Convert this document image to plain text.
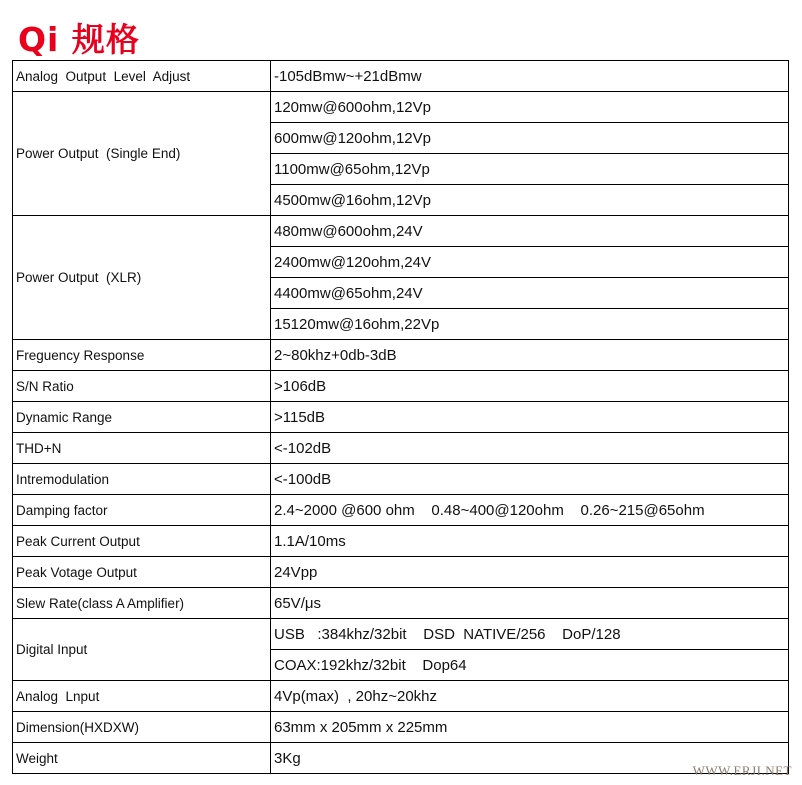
Qi 规格
Analog  Output  Level  Adjust	-105dBmw~+21dBmw
Power Output  (Single End)	120mw@600ohm,12Vp
	600mw@120ohm,12Vp
	1100mw@65ohm,12Vp
	4500mw@16ohm,12Vp
Power Output  (XLR)	480mw@600ohm,24V
	2400mw@120ohm,24V
	4400mw@65ohm,24V
	15120mw@16ohm,22Vp
Freguency Response	2~80khz+0db-3dB
S/N Ratio	>106dB
Dynamic Range	>115dB
THD+N	<-102dB
Intremodulation	<-100dB
Damping factor	2.4~2000 @600 ohm    0.48~400@120ohm    0.26~215@65ohm
Peak Current Output	1.1A/10ms
Peak Votage Output	24Vpp
Slew Rate(class A Amplifier)	65V/μs
Digital Input	USB   :384khz/32bit    DSD  NATIVE/256    DoP/128
	COAX:192khz/32bit    Dop64
Analog  Lnput	4Vp(max)  , 20hz~20khz
Dimension(HXDXW)	63mm x 205mm x 225mm
Weight	3Kg
WWW.ERJI.NET
